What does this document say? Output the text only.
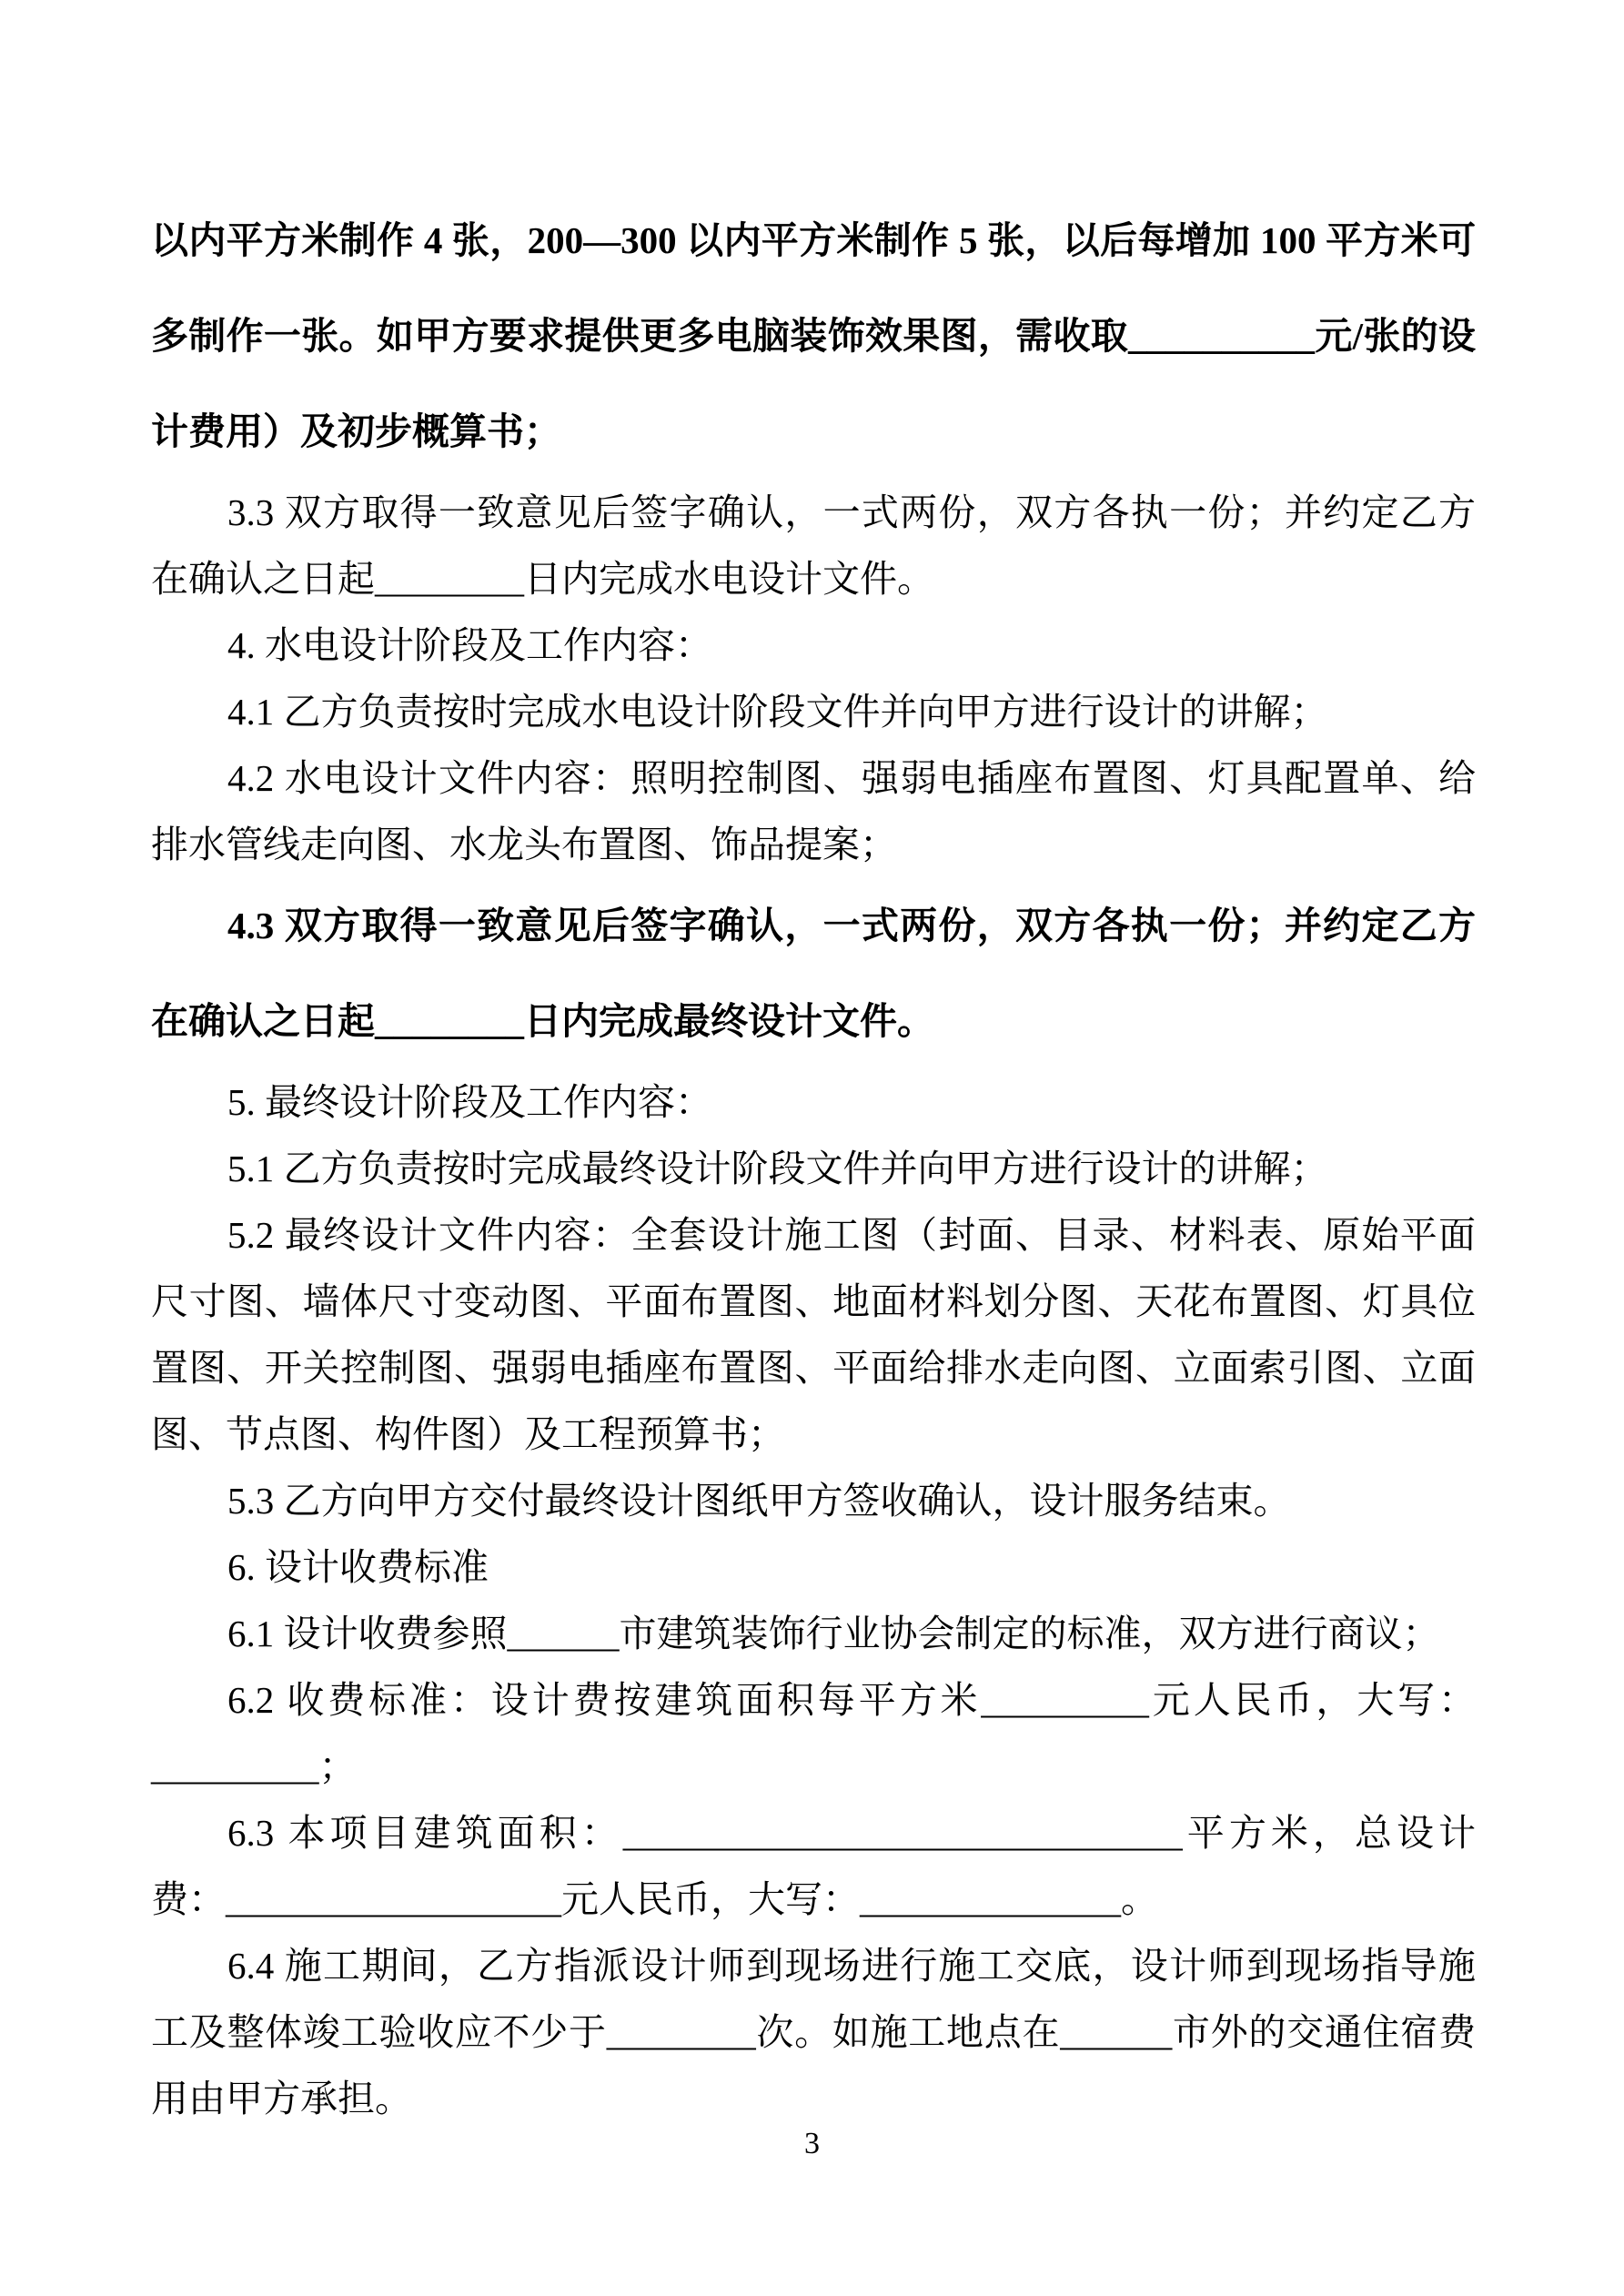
以内平方米制作 4 张，200—300 以内平方米制作 5 张，以后每增加 100 平方米可多制作一张。如甲方要求提供更多电脑装饰效果图，需收取__________元/张的设计费用）及初步概算书；

3.3 双方取得一致意见后签字确认，一式两份，双方各执一份；并约定乙方在确认之日起________日内完成水电设计文件。

4. 水电设计阶段及工作内容：

4.1 乙方负责按时完成水电设计阶段文件并向甲方进行设计的讲解；

4.2 水电设计文件内容：照明控制图、强弱电插座布置图、灯具配置单、给排水管线走向图、水龙头布置图、饰品提案；

4.3 双方取得一致意见后签字确认，一式两份，双方各执一份；并约定乙方在确认之日起________日内完成最终设计文件。

5. 最终设计阶段及工作内容：

5.1 乙方负责按时完成最终设计阶段文件并向甲方进行设计的讲解；

5.2 最终设计文件内容：全套设计施工图（封面、目录、材料表、原始平面尺寸图、墙体尺寸变动图、平面布置图、地面材料划分图、天花布置图、灯具位置图、开关控制图、强弱电插座布置图、平面给排水走向图、立面索引图、立面图、节点图、构件图）及工程预算书；

5.3 乙方向甲方交付最终设计图纸甲方签收确认，设计服务结束。

6. 设计收费标准

6.1 设计收费参照______市建筑装饰行业协会制定的标准，双方进行商议；

6.2 收费标准：设计费按建筑面积每平方米_________元人民币，大写：_________；

6.3 本项目建筑面积：______________________________平方米，总设计费：__________________元人民币，大写：______________。

6.4 施工期间，乙方指派设计师到现场进行施工交底，设计师到现场指导施工及整体竣工验收应不少于________次。如施工地点在______市外的交通住宿费用由甲方承担。

3
